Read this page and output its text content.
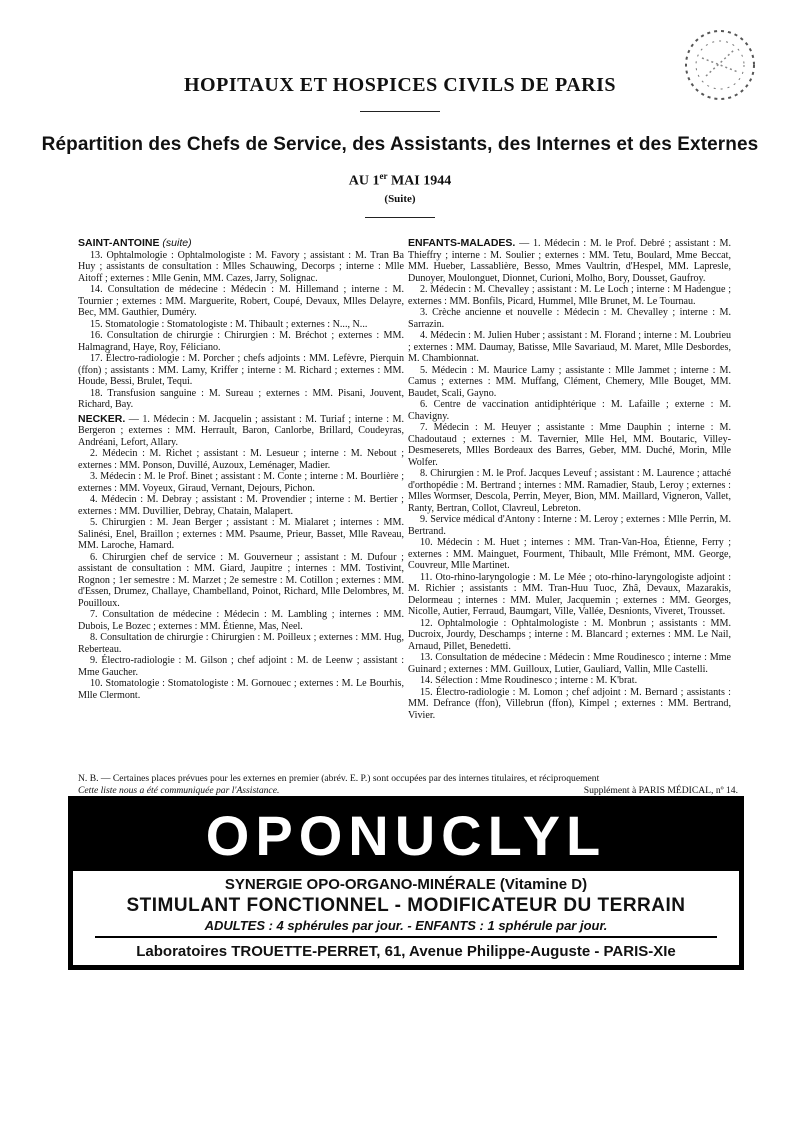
HOPITAUX ET HOSPICES CIVILS DE PARIS
Répartition des Chefs de Service, des Assistants, des Internes et des Externes
AU 1er MAI 1944
(Suite)

SAINT-ANTOINE (suite)

13. Ophtalmologie : Ophtalmologiste : M. Favory ; assistant : M. Tran Ba Huy ; assistants de consultation : Mlles Schauwing, Decorps ; interne : Mlle Aitoff ; externes : Mlle Genin, MM. Cazes, Jarry, Solignac.

14. Consultation de médecine : Médecin : M. Hillemand ; interne : M. Tournier ; externes : MM. Marguerite, Robert, Coupé, Devaux, Mlles Delayre, Bec, MM. Gauthier, Duméry.

15. Stomatologie : Stomatologiste : M. Thibault ; externes : N..., N...

16. Consultation de chirurgie : Chirurgien : M. Bréchot ; externes : MM. Halmagrand, Haye, Roy, Féliciano.

17. Électro-radiologie : M. Porcher ; chefs adjoints : MM. Lefèvre, Pierquin (ffon) ; assistants : MM. Lamy, Kriffer ; interne : M. Richard ; externes : MM. Houde, Bessi, Brulet, Tequi.

18. Transfusion sanguine : M. Sureau ; externes : MM. Pisani, Jouvent, Richard, Bay.

NECKER. — 1. Médecin : M. Jacquelin ; assistant : M. Turiaf ; interne : M. Bergeron ; externes : MM. Herrault, Baron, Canlorbe, Brillard, Coudeyras, Andréani, Lefort, Allary.

2. Médecin : M. Richet ; assistant : M. Lesueur ; interne : M. Nebout ; externes : MM. Ponson, Duvillé, Auzoux, Leménager, Madier.

3. Médecin : M. le Prof. Binet ; assistant : M. Conte ; interne : M. Bourlière ; externes : MM. Voyeux, Giraud, Vernant, Dejours, Pichon.

4. Médecin : M. Debray ; assistant : M. Provendier ; interne : M. Bertier ; externes : MM. Duvillier, Debray, Chatain, Malapert.

5. Chirurgien : M. Jean Berger ; assistant : M. Mialaret ; internes : MM. Salinési, Enel, Braillon ; externes : MM. Psaume, Prieur, Basset, Mlle Raveau, MM. Laroche, Hamard.

6. Chirurgien chef de service : M. Gouverneur ; assistant : M. Dufour ; assistant de consultation : MM. Giard, Jaupitre ; internes : MM. Tostivint, Rognon ; 1er semestre : M. Marzet ; 2e semestre : M. Cotillon ; externes : MM. d'Essen, Drumez, Challaye, Chambelland, Poinot, Richard, Mlle Delombres, M. Pouilloux.

7. Consultation de médecine : Médecin : M. Lambling ; internes : MM. Dubois, Le Bozec ; externes : MM. Étienne, Mas, Neel.

8. Consultation de chirurgie : Chirurgien : M. Poilleux ; externes : MM. Hug, Reberteau.

9. Électro-radiologie : M. Gilson ; chef adjoint : M. de Leenw ; assistant : Mme Gaucher.

10. Stomatologie : Stomatologiste : M. Gornouec ; externes : M. Le Bourhis, Mlle Clermont.

ENFANTS-MALADES. — 1. Médecin : M. le Prof. Debré ; assistant : M. Thieffry ; interne : M. Soulier ; externes : MM. Tetu, Boulard, Mme Beccat, MM. Hueber, Lassablière, Besso, Mmes Vaultrin, d'Hespel, MM. Lapresle, Dunoyer, Moulonguet, Dionnet, Curioni, Molho, Bory, Dousset, Gaufroy.

2. Médecin : M. Chevalley ; assistant : M. Le Loch ; interne : M Hadengue ; externes : MM. Bonfils, Picard, Hummel, Mlle Brunet, M. Le Tournau.

3. Crèche ancienne et nouvelle : Médecin : M. Chevalley ; interne : M. Sarrazin.

4. Médecin : M. Julien Huber ; assistant : M. Florand ; interne : M. Loubrieu ; externes : MM. Daumay, Batisse, Mlle Savariaud, M. Maret, Mlle Desbordes, M. Chambionnat.

5. Médecin : M. Maurice Lamy ; assistante : Mlle Jammet ; interne : M. Camus ; externes : MM. Muffang, Clément, Chemery, Mlle Bouget, MM. Baudet, Scali, Gayno.

6. Centre de vaccination antidiphtérique : M. Lafaille ; externe : M. Chavigny.

7. Médecin : M. Heuyer ; assistante : Mme Dauphin ; interne : M. Chadoutaud ; externes : M. Tavernier, Mlle Hel, MM. Boutaric, Villey-Desmeserets, Mlles Bordeaux des Barres, Geber, MM. Duché, Morin, Mlle Wolfer.

8. Chirurgien : M. le Prof. Jacques Leveuf ; assistant : M. Laurence ; attaché d'orthopédie : M. Bertrand ; internes : MM. Ramadier, Staub, Leroy ; externes : Mlles Wormser, Descola, Perrin, Meyer, Bion, MM. Maillard, Vigneron, Vallet, Ranty, Bertran, Collot, Clavreul, Lebreton.

9. Service médical d'Antony : Interne : M. Leroy ; externes : Mlle Perrin, M. Bertrand.

10. Médecin : M. Huet ; internes : MM. Tran-Van-Hoa, Étienne, Ferry ; externes : MM. Mainguet, Fourment, Thibault, Mlle Frémont, MM. George, Couvreur, Mlle Martinet.

11. Oto-rhino-laryngologie : M. Le Mée ; oto-rhino-laryngologiste adjoint : M. Richier ; assistants : MM. Tran-Huu Tuoc, Zhâ, Devaux, Mazarakis, Delormeau ; internes : MM. Muler, Jacquemin ; externes : MM. Georges, Nicolle, Autier, Ferraud, Baumgart, Ville, Vallée, Desnionts, Viveret, Trousset.

12. Ophtalmologie : Ophtalmologiste : M. Monbrun ; assistants : MM. Ducroix, Jourdy, Deschamps ; interne : M. Blancard ; externes : MM. Le Nail, Arnaud, Pillet, Benedetti.

13. Consultation de médecine : Médecin : Mme Roudinesco ; interne : Mme Guinard ; externes : MM. Guilloux, Lutier, Gauliard, Vallin, Mlle Castelli.

14. Sélection : Mme Roudinesco ; interne : M. K'brat.

15. Électro-radiologie : M. Lomon ; chef adjoint : M. Bernard ; assistants : MM. Defrance (ffon), Villebrun (ffon), Kimpel ; externes : MM. Bertrand, Vivier.

N. B. — Certaines places prévues pour les externes en premier (abrév. E. P.) sont occupées par des internes titulaires, et réciproquement
Cette liste nous a été communiquée par l'Assistance.	Supplément à PARIS MÉDICAL, nº 14.
OPONUCLYL
SYNERGIE OPO-ORGANO-MINÉRALE (Vitamine D)
STIMULANT FONCTIONNEL - MODIFICATEUR DU TERRAIN
ADULTES : 4 sphérules par jour. - ENFANTS : 1 sphérule par jour.
Laboratoires TROUETTE-PERRET, 61, Avenue Philippe-Auguste - PARIS-XIe
